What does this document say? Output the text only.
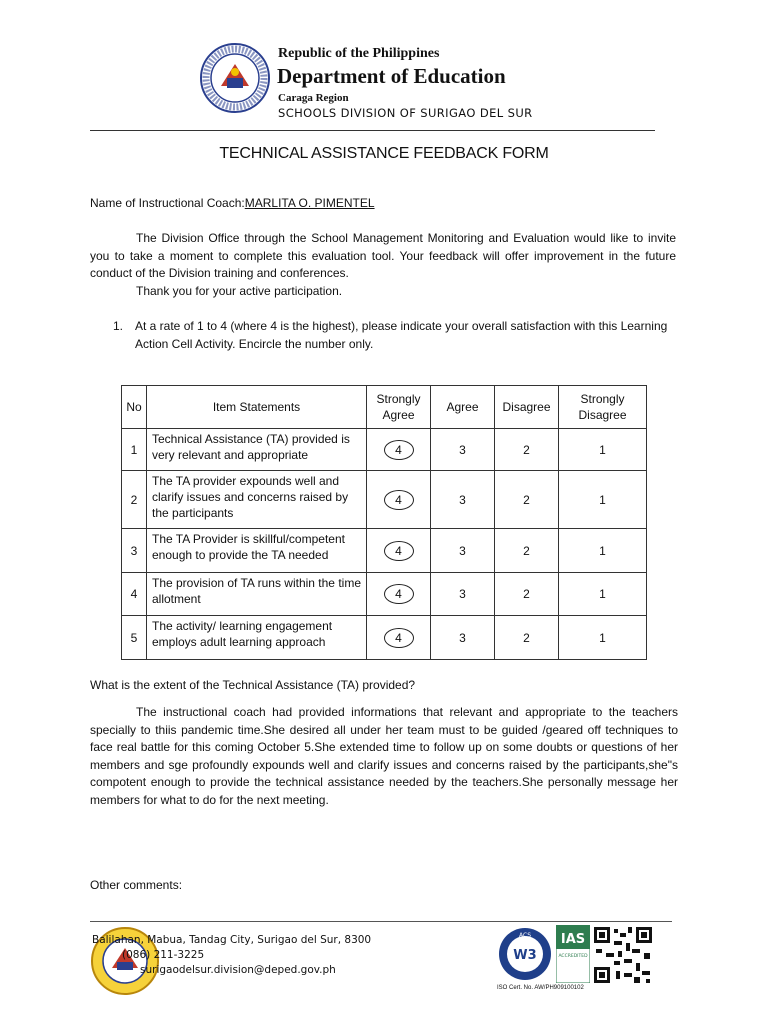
Republic of the Philippines
Department of Education
Caraga Region
SCHOOLS DIVISION OF SURIGAO DEL SUR
TECHNICAL ASSISTANCE FEEDBACK FORM
Name of Instructional Coach:MARLITA O. PIMENTEL

The Division Office through the School Management Monitoring and Evaluation would like to invite you to take a moment to complete this evaluation tool. Your feedback will offer improvement in the future conduct of the Division training and conferences.

Thank you for your active participation.
1. At a rate of 1 to 4 (where 4 is the highest), please indicate your overall satisfaction with this Learning Action Cell Activity. Encircle the number only.
No	Item Statements	Strongly Agree	Agree	Disagree	Strongly Disagree
1	Technical Assistance (TA) provided is very relevant and appropriate	4	3	2	1
2	The TA provider expounds well and clarify issues and concerns raised by the participants	4	3	2	1
3	The TA Provider is skillful/competent enough to provide the TA needed	4	3	2	1
4	The provision of TA runs within the time allotment	4	3	2	1
5	The activity/ learning engagement employs adult learning approach	4	3	2	1
What is the extent of the Technical Assistance (TA) provided?

The instructional coach had provided informations that relevant and appropriate to the teachers specially to thiis pandemic time.She desired all under her team must to be guided /geared off techniques to face real battle for this coming October 5.She extended time to follow up on some doubts or questions of her members and sge profoundly expounds well and clarify issues and concerns raised by the participants,she"s compotent enough to provide the technical assistance needed by the teachers.She personally message her members for what to do for the next meeting.

Other comments:
Balilahan, Mabua, Tandag City, Surigao del Sur, 8300
(086) 211-3225
surigaodelsur.division@deped.gov.ph
W3
ACS IAS
ACCREDITED
ISO Cert. No. AW/PH909100102
